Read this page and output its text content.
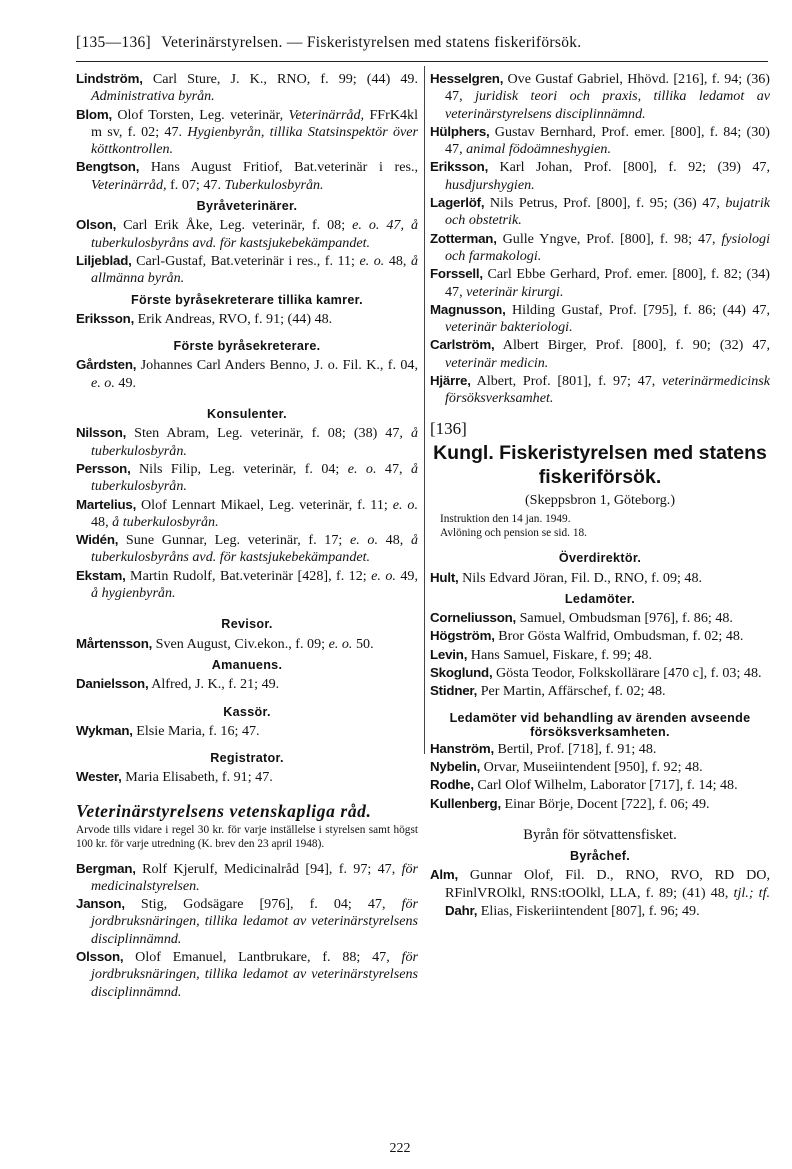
[135—136] Veterinärstyrelsen. — Fiskeristyrelsen med statens fiskeriförsök.

Lindström, Carl Sture, J. K., RNO, f. 99; (44) 49. Administrativa byrån.

Blom, Olof Torsten, Leg. veterinär, Veterinärråd, FFrK4kl m sv, f. 02; 47. Hygienbyrån, tillika Statsinspektör över köttkontrollen.

Bengtson, Hans August Fritiof, Bat.veterinär i res., Veterinärråd, f. 07; 47. Tuberkulosbyrån.

Byråveterinärer.

Olson, Carl Erik Åke, Leg. veterinär, f. 08; e. o. 47, å tuberkulosbyråns avd. för kastsjukebekämpandet.

Liljeblad, Carl-Gustaf, Bat.veterinär i res., f. 11; e. o. 48, å allmänna byrån.

Förste byråsekreterare tillika kamrer.

Eriksson, Erik Andreas, RVO, f. 91; (44) 48.

Förste byråsekreterare.

Gårdsten, Johannes Carl Anders Benno, J. o. Fil. K., f. 04, e. o. 49.

Konsulenter.

Nilsson, Sten Abram, Leg. veterinär, f. 08; (38) 47, å tuberkulosbyrån.

Persson, Nils Filip, Leg. veterinär, f. 04; e. o. 47, å tuberkulosbyrån.

Martelius, Olof Lennart Mikael, Leg. veterinär, f. 11; e. o. 48, å tuberkulosbyrån.

Widén, Sune Gunnar, Leg. veterinär, f. 17; e. o. 48, å tuberkulosbyråns avd. för kastsjukebekämpandet.

Ekstam, Martin Rudolf, Bat.veterinär [428], f. 12; e. o. 49, å hygienbyrån.

Revisor.

Mårtensson, Sven August, Civ.ekon., f. 09; e. o. 50.

Amanuens.

Danielsson, Alfred, J. K., f. 21; 49.

Kassör.

Wykman, Elsie Maria, f. 16; 47.

Registrator.

Wester, Maria Elisabeth, f. 91; 47.

Veterinärstyrelsens vetenskapliga råd.

Arvode tills vidare i regel 30 kr. för varje inställelse i styrelsen samt högst 100 kr. för varje utredning (K. brev den 23 april 1948).

Bergman, Rolf Kjerulf, Medicinalråd [94], f. 97; 47, för medicinalstyrelsen.

Janson, Stig, Godsägare [976], f. 04; 47, för jordbruksnäringen, tillika ledamot av veterinärstyrelsens disciplinnämnd.

Olsson, Olof Emanuel, Lantbrukare, f. 88; 47, för jordbruksnäringen, tillika ledamot av veterinärstyrelsens disciplinnämnd.

Hesselgren, Ove Gustaf Gabriel, Hhövd. [216], f. 94; (36) 47, juridisk teori och praxis, tillika ledamot av veterinärstyrelsens disciplinnämnd.

Hülphers, Gustav Bernhard, Prof. emer. [800], f. 84; (30) 47, animal födoämneshygien.

Eriksson, Karl Johan, Prof. [800], f. 92; (39) 47, husdjurshygien.

Lagerlöf, Nils Petrus, Prof. [800], f. 95; (36) 47, bujatrik och obstetrik.

Zotterman, Gulle Yngve, Prof. [800], f. 98; 47, fysiologi och farmakologi.

Forssell, Carl Ebbe Gerhard, Prof. emer. [800], f. 82; (34) 47, veterinär kirurgi.

Magnusson, Hilding Gustaf, Prof. [795], f. 86; (44) 47, veterinär bakteriologi.

Carlström, Albert Birger, Prof. [800], f. 90; (32) 47, veterinär medicin.

Hjärre, Albert, Prof. [801], f. 97; 47, veterinärmedicinsk försöksverksamhet.

[136]
Kungl. Fiskeristyrelsen med statens fiskeriförsök.
(Skeppsbron 1, Göteborg.)
Instruktion den 14 jan. 1949.
Avlöning och pension se sid. 18.
Överdirektör.

Hult, Nils Edvard Jöran, Fil. D., RNO, f. 09; 48.

Ledamöter.

Corneliusson, Samuel, Ombudsman [976], f. 86; 48.

Högström, Bror Gösta Walfrid, Ombudsman, f. 02; 48.

Levin, Hans Samuel, Fiskare, f. 99; 48.

Skoglund, Gösta Teodor, Folkskollärare [470 c], f. 03; 48.

Stidner, Per Martin, Affärschef, f. 02; 48.

Ledamöter vid behandling av ärenden avseende försöksverksamheten.

Hanström, Bertil, Prof. [718], f. 91; 48.

Nybelin, Orvar, Museiintendent [950], f. 92; 48.

Rodhe, Carl Olof Wilhelm, Laborator [717], f. 14; 48.

Kullenberg, Einar Börje, Docent [722], f. 06; 49.

Byrån för sötvattensfisket.
Byråchef.

Alm, Gunnar Olof, Fil. D., RNO, RVO, RD DO, RFinlVROlkl, RNS:tOOlkl, LLA, f. 89; (41) 48, tjl.; tf. Dahr, Elias, Fiskeriintendent [807], f. 96; 49.

222
